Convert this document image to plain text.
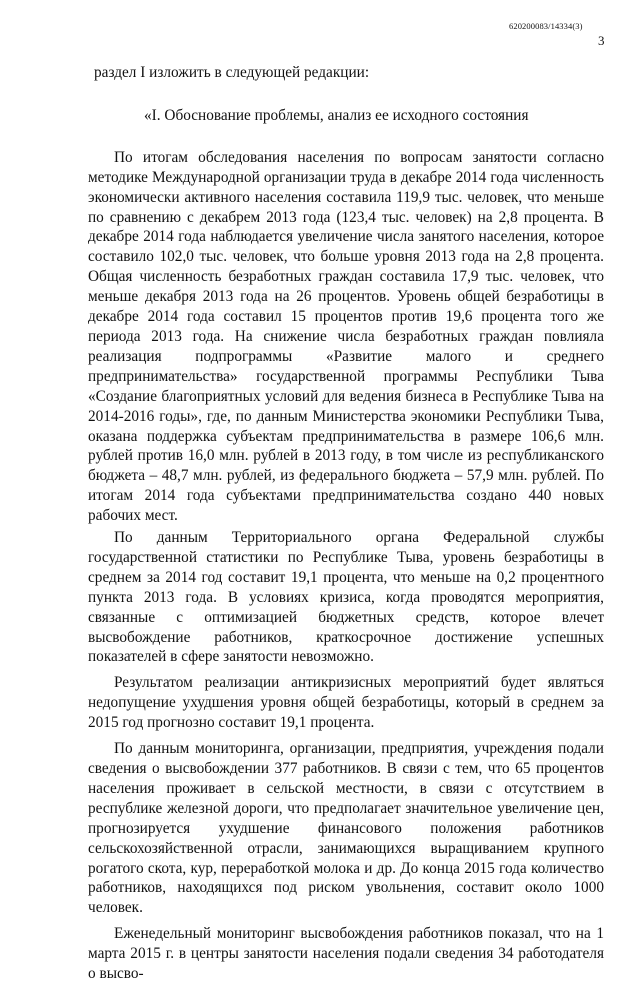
620200083/14334(3)
3

раздел I изложить в следующей редакции:

«I. Обоснование проблемы, анализ ее исходного состояния

По итогам обследования населения по вопросам занятости согласно методике Международной организации труда в декабре 2014 года численность экономически активного населения составила 119,9 тыс. человек, что меньше по сравнению с декабрем 2013 года (123,4 тыс. человек) на 2,8 процента. В декабре 2014 года наблюдается увеличение числа занятого населения, которое составило 102,0 тыс. человек, что больше уровня 2013 года на 2,8 процента. Общая численность безработных граждан составила 17,9 тыс. человек, что меньше декабря 2013 года на 26 процентов. Уровень общей безработицы в декабре 2014 года составил 15 процентов против 19,6 процента того же периода 2013 года. На снижение числа безработных граждан повлияла реализация подпрограммы «Развитие малого и среднего предпринимательства» государственной программы Республики Тыва «Создание благоприятных условий для ведения бизнеса в Республике Тыва на 2014-2016 годы», где, по данным Министерства экономики Республики Тыва, оказана поддержка субъектам предпринимательства в размере 106,6 млн. рублей против 16,0 млн. рублей в 2013 году, в том числе из республиканского бюджета – 48,7 млн. рублей, из федерального бюджета – 57,9 млн. рублей. По итогам 2014 года субъектами предпринимательства создано 440 новых рабочих мест.

По данным Территориального органа Федеральной службы государственной статистики по Республике Тыва, уровень безработицы в среднем за 2014 год составит 19,1 процента, что меньше на 0,2 процентного пункта 2013 года. В условиях кризиса, когда проводятся мероприятия, связанные с оптимизацией бюджетных средств, которое влечет высвобождение работников, краткосрочное достижение успешных показателей в сфере занятости невозможно.

Результатом реализации антикризисных мероприятий будет являться недопущение ухудшения уровня общей безработицы, который в среднем за 2015 год прогнозно составит 19,1 процента.

По данным мониторинга, организации, предприятия, учреждения подали сведения о высвобождении 377 работников. В связи с тем, что 65 процентов населения проживает в сельской местности, в связи с отсутствием в республике железной дороги, что предполагает значительное увеличение цен, прогнозируется ухудшение финансового положения работников сельскохозяйственной отрасли, занимающихся выращиванием крупного рогатого скота, кур, переработкой молока и др. До конца 2015 года количество работников, находящихся под риском увольнения, составит около 1000 человек.

Еженедельный мониторинг высвобождения работников показал, что на 1 марта 2015 г. в центры занятости населения подали сведения 34 работодателя о высво-
